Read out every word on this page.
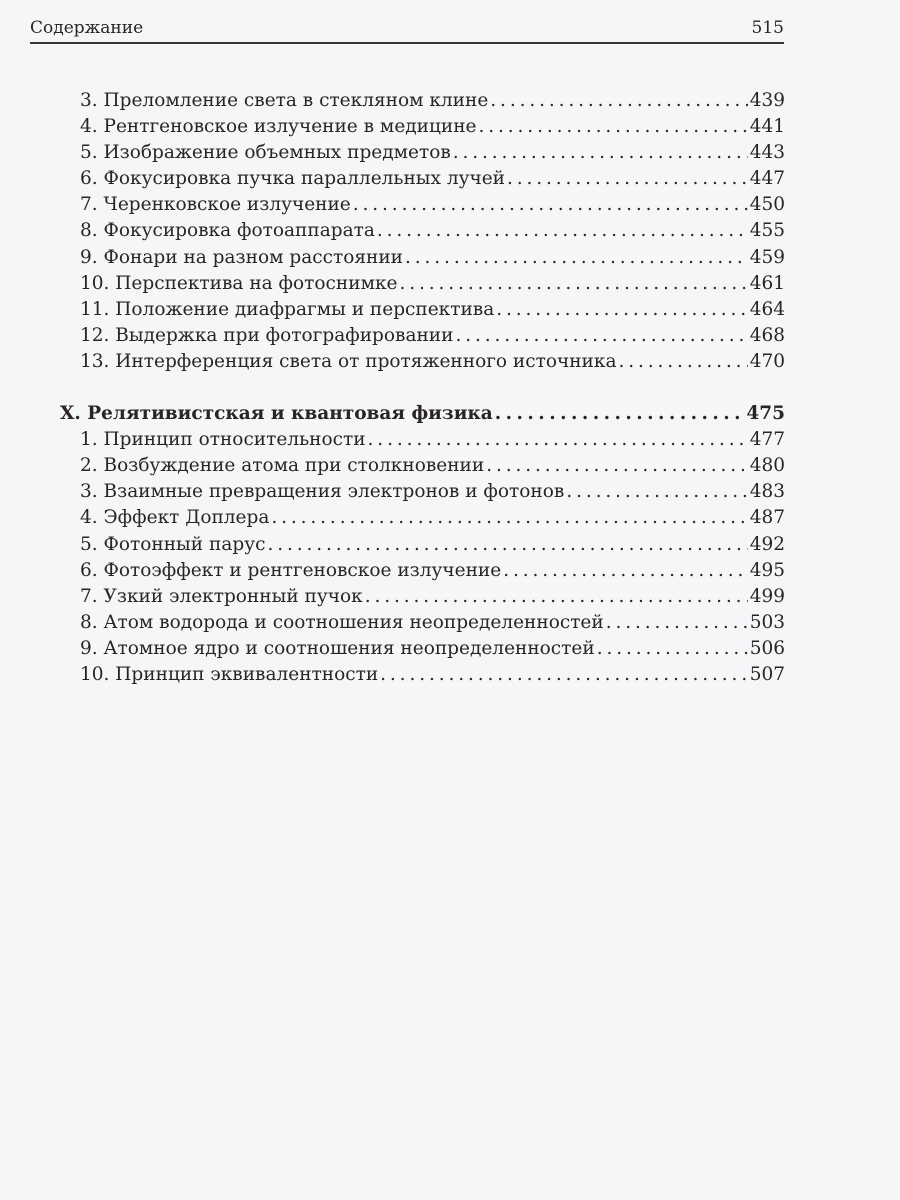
Содержание	515
3. Преломление света в стекляном клине . . .	439
4. Рентгеновское излучение в медицине . . .	441
5. Изображение объемных предметов . . .	443
6. Фокусировка пучка параллельных лучей . . .	447
7. Черенковское излучение . . .	450
8. Фокусировка фотоаппарата . . .	455
9. Фонари на разном расстоянии . . .	459
10. Перспектива на фотоснимке . . .	461
11. Положение диафрагмы и перспектива . . .	464
12. Выдержка при фотографировании . . .	468
13. Интерференция света от протяженного источника . . .	470
X. Релятивистская и квантовая физика . . .	475
1. Принцип относительности . . .	477
2. Возбуждение атома при столкновении . . .	480
3. Взаимные превращения электронов и фотонов . . .	483
4. Эффект Доплера . . .	487
5. Фотонный парус . . .	492
6. Фотоэффект и рентгеновское излучение . . .	495
7. Узкий электронный пучок . . .	499
8. Атом водорода и соотношения неопределенностей . . .	503
9. Атомное ядро и соотношения неопределенностей . . .	506
10. Принцип эквивалентности . . .	507
